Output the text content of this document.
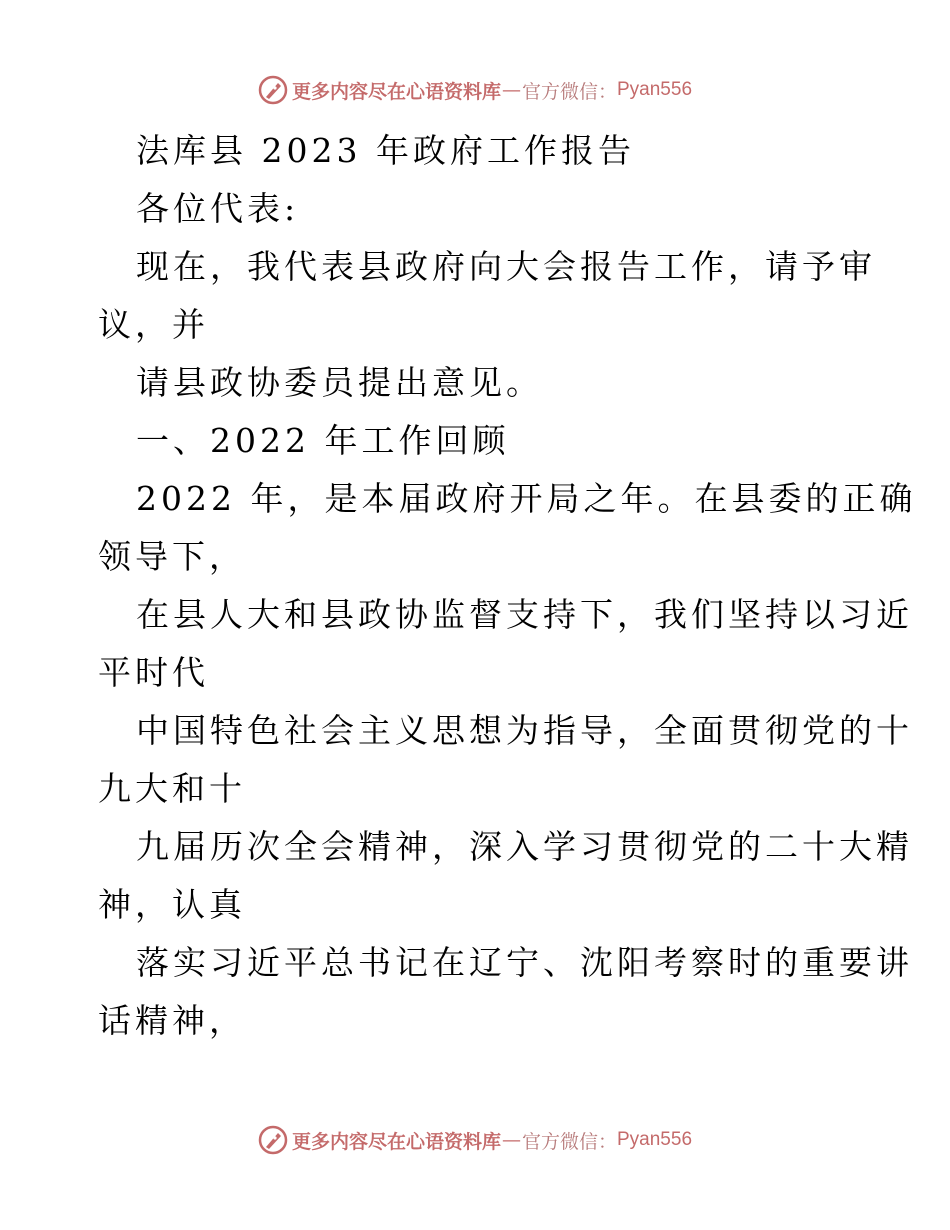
更多内容尽在心语资料库 — 官方微信： Pyan556
法库县 2023 年政府工作报告
各位代表:
现在，我代表县政府向大会报告工作，请予审
议，并
请县政协委员提出意见。
一、2022 年工作回顾
2022 年，是本届政府开局之年。在县委的正确
领导下，
在县人大和县政协监督支持下，我们坚持以习近
平时代
中国特色社会主义思想为指导，全面贯彻党的十
九大和十
九届历次全会精神，深入学习贯彻党的二十大精
神，认真
落实习近平总书记在辽宁、沈阳考察时的重要讲
话精神，
更多内容尽在心语资料库 — 官方微信： Pyan556
